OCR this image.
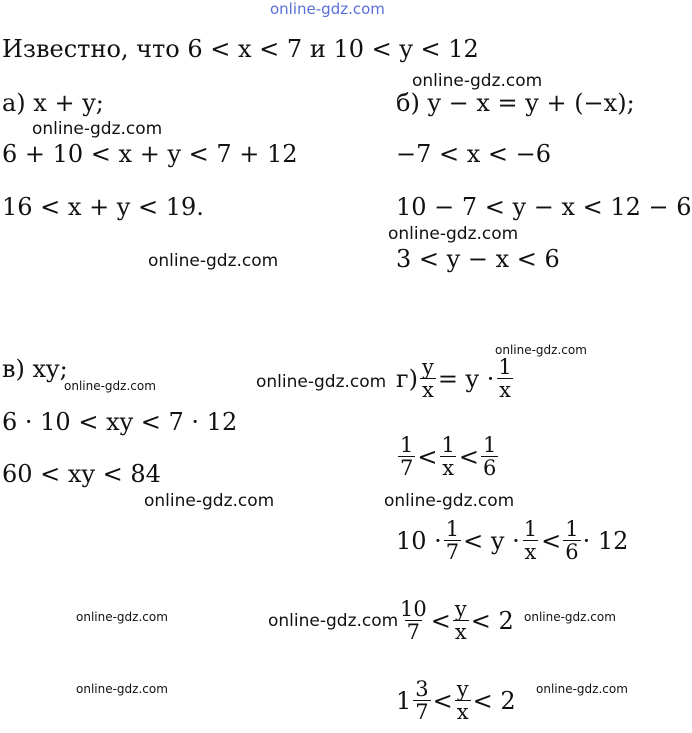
online-gdz.com
online-gdz.com
online-gdz.com
online-gdz.com
online-gdz.com
online-gdz.com
online-gdz.com
online-gdz.com
online-gdz.com	online-gdz.com
online-gdz.com	online-gdz.com	online-gdz.com
online-gdz.com	online-gdz.com
Известно, что 6 < x < 7 и 10 < y < 12
а) x + y;
6 + 10 < x + y < 7 + 12
16 < x + y < 19.
б) y − x = y + (−x);
−7 < x < −6
10 − 7 < y − x < 12 − 6
3 < y − x < 6
в) xy;
6 · 10 < xy < 7 · 12
60 < xy < 84
$г) \frac{y}{x} = y \cdot \frac{1}{x}$
$\frac{1}{7} < \frac{1}{x} < \frac{1}{6}$
$10 \cdot \frac{1}{7} < y \cdot \frac{1}{x} < \frac{1}{6} \cdot 12$
$\frac{10}{7} < \frac{y}{x} < 2$
$1 \frac{3}{7} < \frac{y}{x} < 2$
